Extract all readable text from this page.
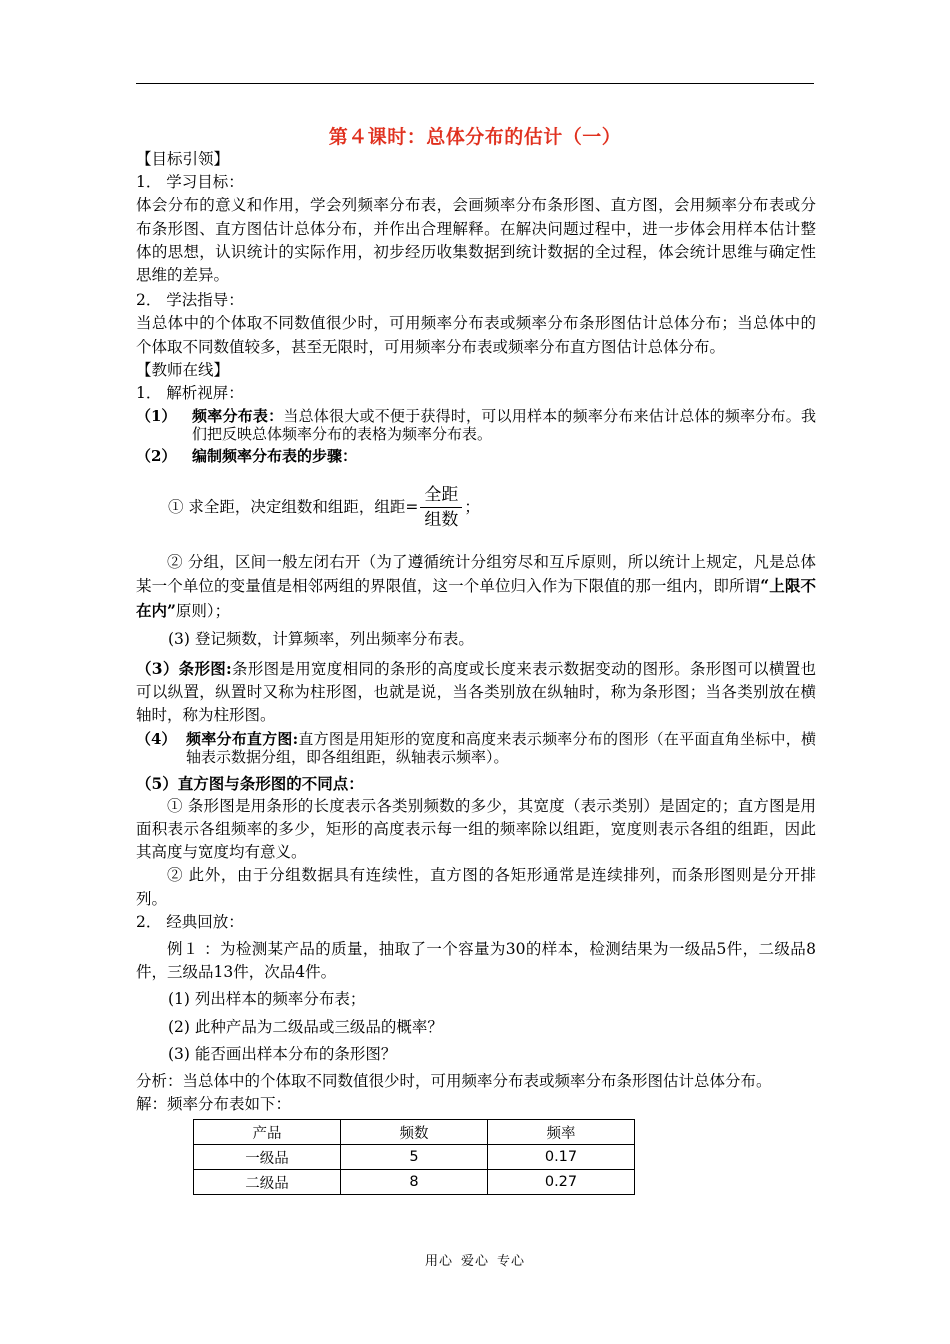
第４课时：总体分布的估计（一）

【目标引领】

1． 学习目标：

体会分布的意义和作用，学会列频率分布表，会画频率分布条形图、直方图，会用频率分布表或分布条形图、直方图估计总体分布，并作出合理解释。在解决问题过程中，进一步体会用样本估计整体的思想，认识统计的实际作用，初步经历收集数据到统计数据的全过程，体会统计思维与确定性思维的差异。

2． 学法指导：

当总体中的个体取不同数值很少时，可用频率分布表或频率分布条形图估计总体分布；当总体中的个体取不同数值较多，甚至无限时，可用频率分布表或频率分布直方图估计总体分布。

【教师在线】

1． 解析视屏：

（1）	频率分布表：当总体很大或不便于获得时，可以用样本的频率分布来估计总体的频率分布。我们把反映总体频率分布的表格为频率分布表。
（2）	编制频率分布表的步骤：
① 求全距，决定组数和组距，组距= $\frac{\text{全距}}{\text{组数}}$ ；

② 分组，区间一般左闭右开（为了遵循统计分组穷尽和互斥原则，所以统计上规定，凡是总体某一个单位的变量值是相邻两组的界限值，这一个单位归入作为下限值的那一组内，即所谓“上限不在内”原则）；

(3) 登记频数，计算频率，列出频率分布表。

（3）条形图:条形图是用宽度相同的条形的高度或长度来表示数据变动的图形。条形图可以横置也可以纵置，纵置时又称为柱形图，也就是说，当各类别放在纵轴时，称为条形图；当各类别放在横轴时，称为柱形图。

（4） 频率分布直方图:直方图是用矩形的宽度和高度来表示频率分布的图形（在平面直角坐标中，横轴表示数据分组，即各组组距，纵轴表示频率）。

（5）直方图与条形图的不同点：

① 条形图是用条形的长度表示各类别频数的多少，其宽度（表示类别）是固定的；直方图是用面积表示各组频率的多少，矩形的高度表示每一组的频率除以组距，宽度则表示各组的组距，因此其高度与宽度均有意义。

② 此外，由于分组数据具有连续性，直方图的各矩形通常是连续排列，而条形图则是分开排列。

2． 经典回放：

例１ ：为检测某产品的质量，抽取了一个容量为30的样本，检测结果为一级品5件，二级品8件，三级品13件，次品4件。

(1) 列出样本的频率分布表；

(2) 此种产品为二级品或三级品的概率？

(3) 能否画出样本分布的条形图？

分析：当总体中的个体取不同数值很少时，可用频率分布表或频率分布条形图估计总体分布。

解：频率分布表如下：

产品	频数	频率
一级品	5	0.17
二级品	8	0.27
用心 爱心 专心
